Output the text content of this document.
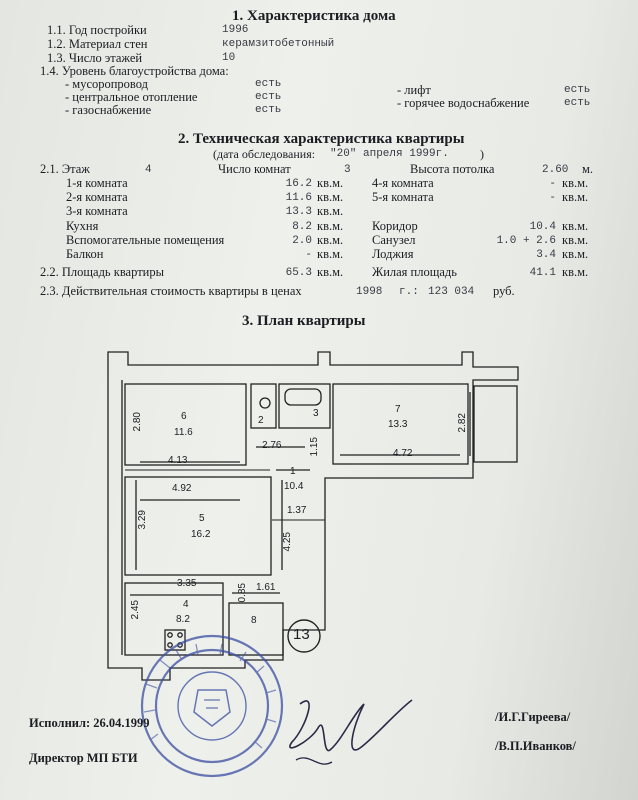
1. Характеристика дома
1.1. Год постройки	1996
1.2. Материал стен	керамзитобетонный
1.3. Число этажей	10
1.4. Уровень благоустройства дома:
- мусоропровод	есть
- центральное отопление	есть
- газоснабжение	есть
- лифт	есть
- горячее водоснабжение	есть
2. Техническая характеристика квартиры
(дата обследования: "20" апреля 1999г.	)
2.1. Этаж	4	Число комнат	3	Высота потолка	2.60 м.
1-я комната	16.2 кв.м.
2-я комната	11.6 кв.м.
3-я комната	13.3 кв.м.
Кухня	8.2 кв.м.
Вспомогательные помещения	2.0 кв.м.
Балкон	- кв.м.
4-я комната	- кв.м.
5-я комната	- кв.м.
Коридор	10.4 кв.м.
Санузел	1.0 + 2.6 кв.м.
Лоджия	3.4 кв.м.
2.2. Площадь квартиры	65.3 кв.м. Жилая площадь	41.1 кв.м.
2.3. Действительная стоимость квартиры в ценах	1998 г.: 123 034 руб.
3. План квартиры
6
11.6
4.13
2.80	3
2
7
13.3
4.72
2.82
2.76	1.15
1
10.4
1.37
4.25
4.92
3.29	5
16.2
3.35
2.45	4
8.2
0.85 1.61
8
13
Исполнил: 26.04.1999	/И.Г.Гиреева/
Директор МП БТИ
/В.П.Иванков/
